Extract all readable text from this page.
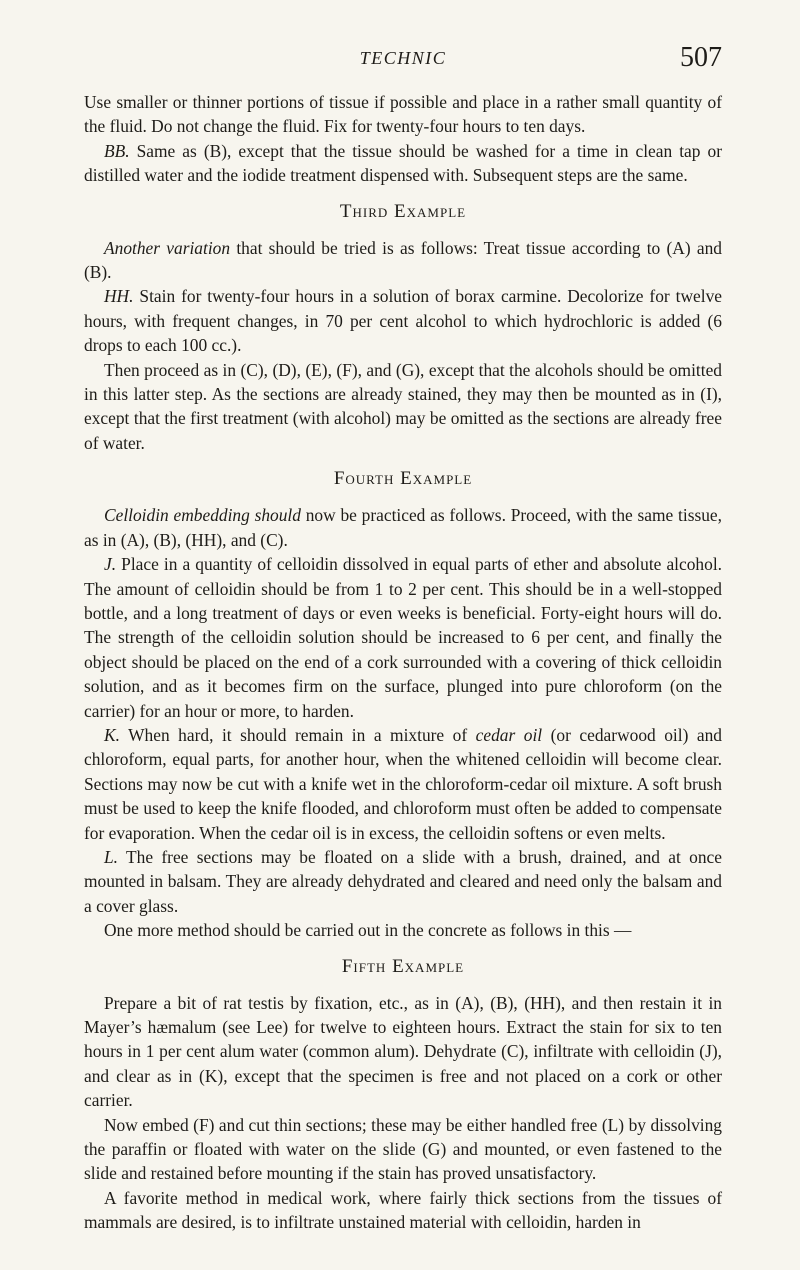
TECHNIC	507

Use smaller or thinner portions of tissue if possible and place in a rather small quantity of the fluid. Do not change the fluid. Fix for twenty-four hours to ten days.

BB. Same as (B), except that the tissue should be washed for a time in clean tap or distilled water and the iodide treatment dispensed with. Subsequent steps are the same.

Third Example

Another variation that should be tried is as follows: Treat tissue according to (A) and (B).

HH. Stain for twenty-four hours in a solution of borax carmine. Decolorize for twelve hours, with frequent changes, in 70 per cent alcohol to which hydrochloric is added (6 drops to each 100 cc.).

Then proceed as in (C), (D), (E), (F), and (G), except that the alcohols should be omitted in this latter step. As the sections are already stained, they may then be mounted as in (I), except that the first treatment (with alcohol) may be omitted as the sections are already free of water.

Fourth Example

Celloidin embedding should now be practiced as follows. Proceed, with the same tissue, as in (A), (B), (HH), and (C).

J. Place in a quantity of celloidin dissolved in equal parts of ether and absolute alcohol. The amount of celloidin should be from 1 to 2 per cent. This should be in a well-stopped bottle, and a long treatment of days or even weeks is beneficial. Forty-eight hours will do. The strength of the celloidin solution should be increased to 6 per cent, and finally the object should be placed on the end of a cork surrounded with a covering of thick celloidin solution, and as it becomes firm on the surface, plunged into pure chloroform (on the carrier) for an hour or more, to harden.

K. When hard, it should remain in a mixture of cedar oil (or cedarwood oil) and chloroform, equal parts, for another hour, when the whitened celloidin will become clear. Sections may now be cut with a knife wet in the chloroform-cedar oil mixture. A soft brush must be used to keep the knife flooded, and chloroform must often be added to compensate for evaporation. When the cedar oil is in excess, the celloidin softens or even melts.

L. The free sections may be floated on a slide with a brush, drained, and at once mounted in balsam. They are already dehydrated and cleared and need only the balsam and a cover glass.

One more method should be carried out in the concrete as follows in this —

Fifth Example

Prepare a bit of rat testis by fixation, etc., as in (A), (B), (HH), and then restain it in Mayer’s hæmalum (see Lee) for twelve to eighteen hours. Extract the stain for six to ten hours in 1 per cent alum water (common alum). Dehydrate (C), infiltrate with celloidin (J), and clear as in (K), except that the specimen is free and not placed on a cork or other carrier.

Now embed (F) and cut thin sections; these may be either handled free (L) by dissolving the paraffin or floated with water on the slide (G) and mounted, or even fastened to the slide and restained before mounting if the stain has proved unsatisfactory.

A favorite method in medical work, where fairly thick sections from the tissues of mammals are desired, is to infiltrate unstained material with celloidin, harden in
